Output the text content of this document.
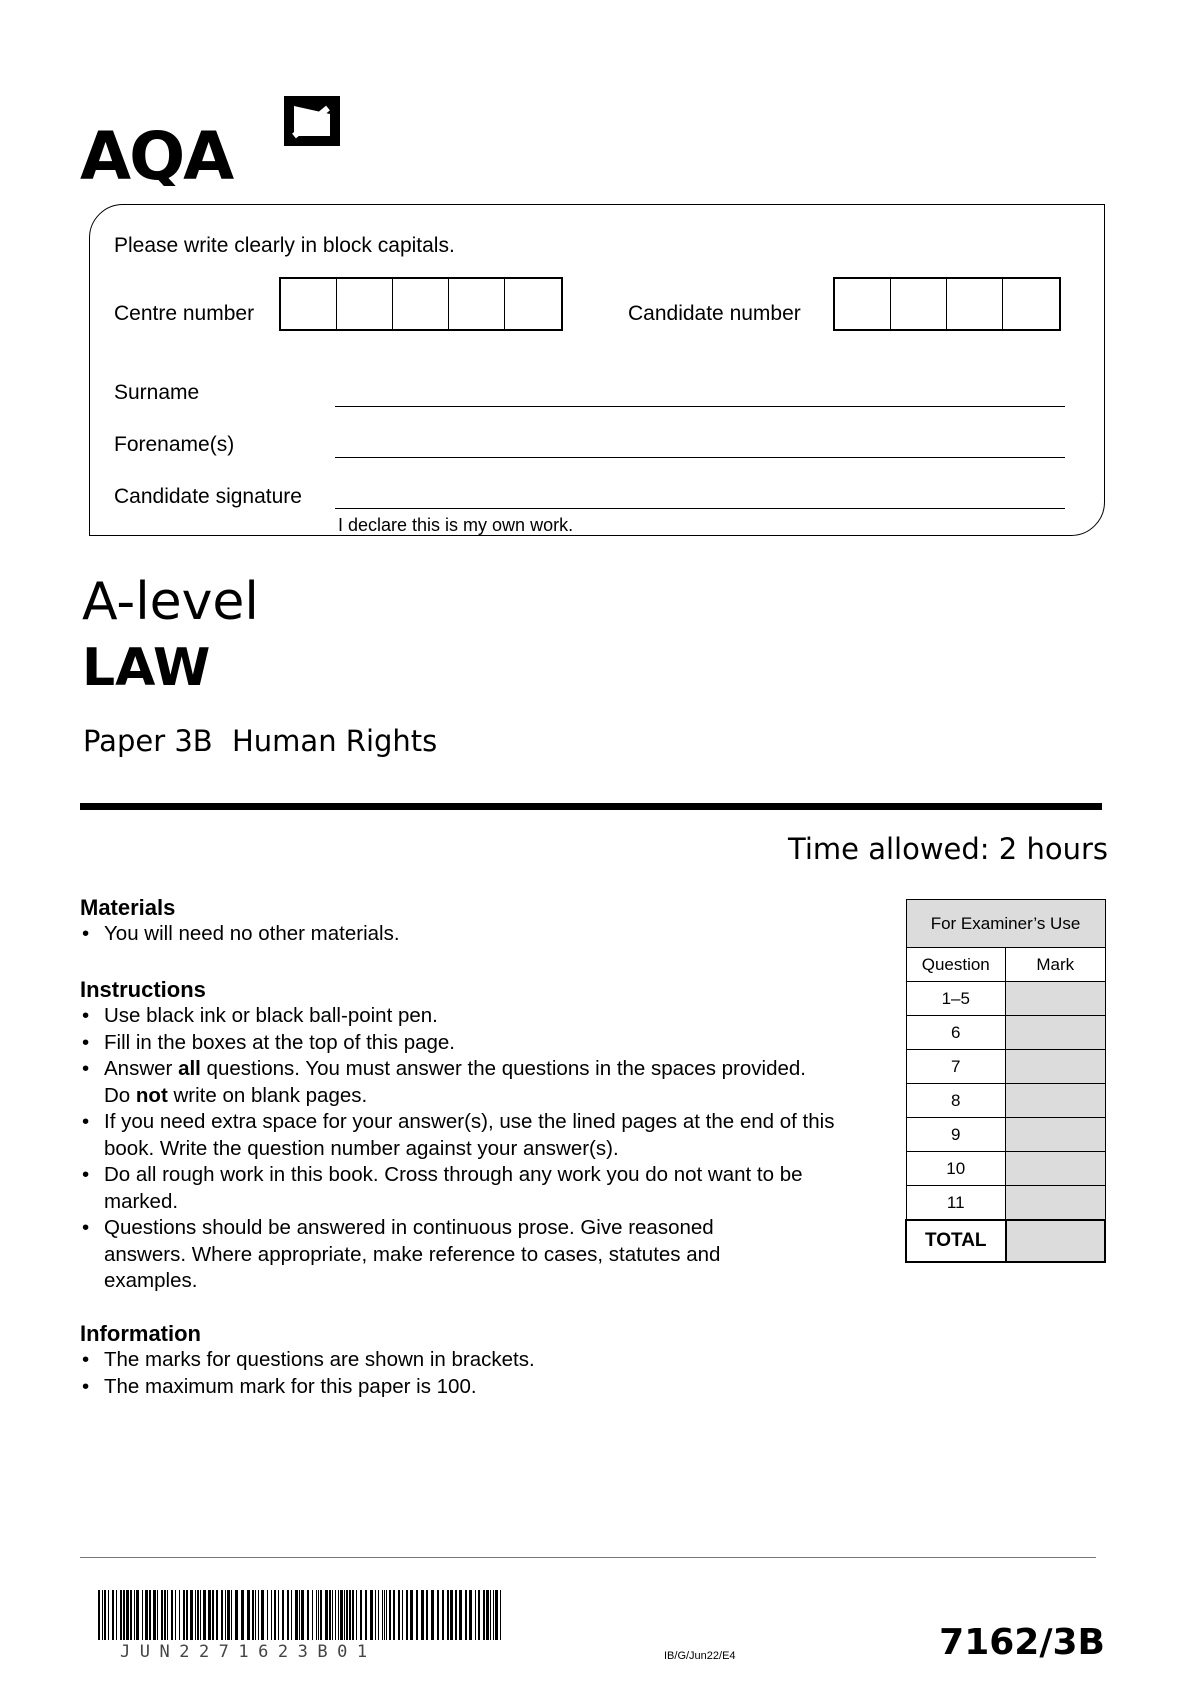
AQA
Please write clearly in block capitals.
Centre number	Candidate number
Surname
Forename(s)
Candidate signature
I declare this is my own work.
A-level
LAW
Paper 3B Human Rights
Time allowed: 2 hours
Materials
• You will need no other materials.
Instructions
• Use black ink or black ball-point pen.
• Fill in the boxes at the top of this page.
• Answer all questions. You must answer the questions in the spaces provided. Do not write on blank pages.
• If you need extra space for your answer(s), use the lined pages at the end of this book. Write the question number against your answer(s).
• Do all rough work in this book. Cross through any work you do not want to be marked.
• Questions should be answered in continuous prose. Give reasoned answers. Where appropriate, make reference to cases, statutes and examples.
Information
• The marks for questions are shown in brackets.
• The maximum mark for this paper is 100.
For Examiner’s Use	
Question	Mark
1–5	
6	
7	
8	
9	
10	
11	
TOTAL	
JUN2271623B01	IB/G/Jun22/E4	7162/3B
